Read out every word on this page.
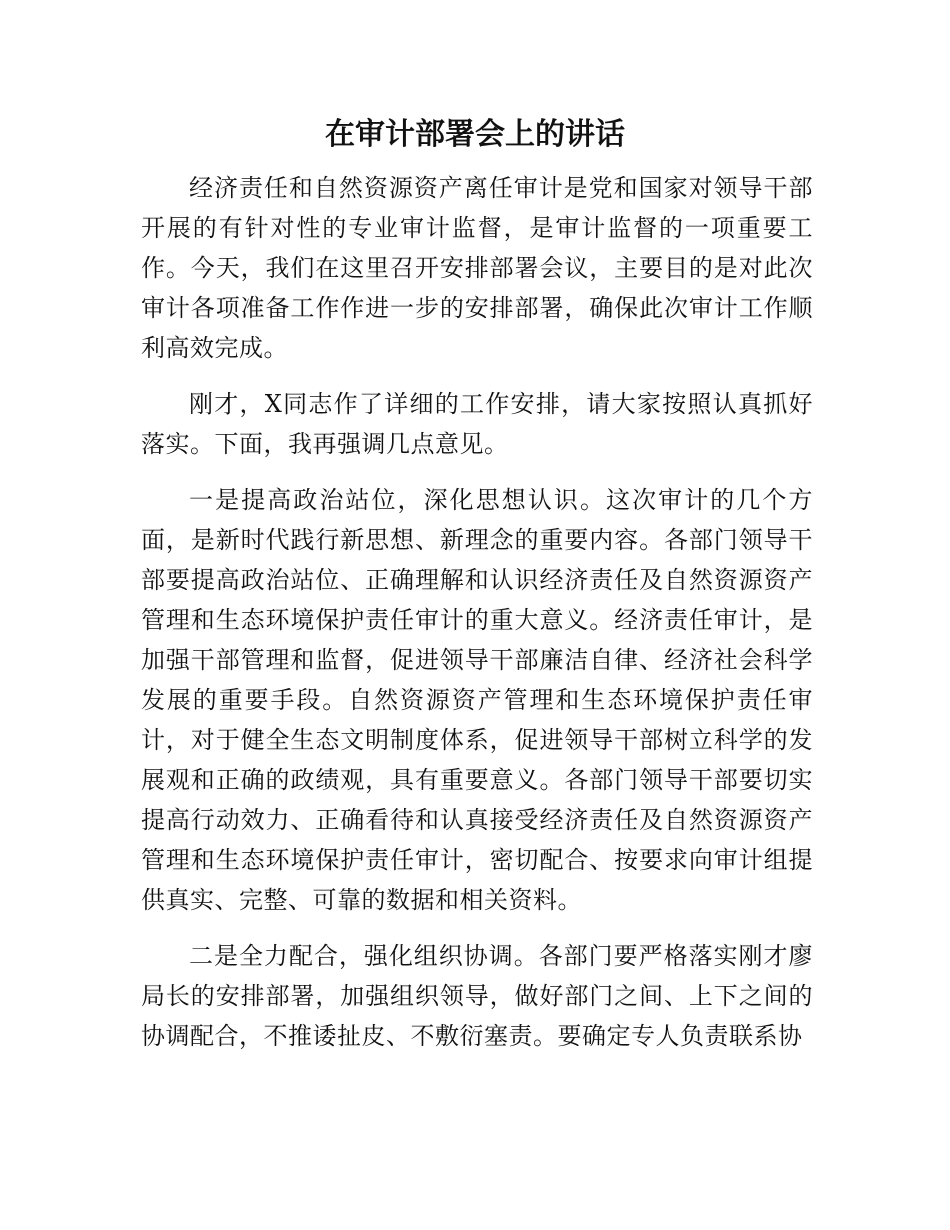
在审计部署会上的讲话

经济责任和自然资源资产离任审计是党和国家对领导干部开展的有针对性的专业审计监督，是审计监督的一项重要工作。今天，我们在这里召开安排部署会议，主要目的是对此次审计各项准备工作作进一步的安排部署，确保此次审计工作顺利高效完成。

刚才，X同志作了详细的工作安排，请大家按照认真抓好落实。下面，我再强调几点意见。

一是提高政治站位，深化思想认识。这次审计的几个方面，是新时代践行新思想、新理念的重要内容。各部门领导干部要提高政治站位、正确理解和认识经济责任及自然资源资产管理和生态环境保护责任审计的重大意义。经济责任审计，是加强干部管理和监督，促进领导干部廉洁自律、经济社会科学发展的重要手段。自然资源资产管理和生态环境保护责任审计，对于健全生态文明制度体系，促进领导干部树立科学的发展观和正确的政绩观，具有重要意义。各部门领导干部要切实提高行动效力、正确看待和认真接受经济责任及自然资源资产管理和生态环境保护责任审计，密切配合、按要求向审计组提供真实、完整、可靠的数据和相关资料。

二是全力配合，强化组织协调。各部门要严格落实刚才廖局长的安排部署，加强组织领导，做好部门之间、上下之间的协调配合，不推诿扯皮、不敷衍塞责。要确定专人负责联系协
